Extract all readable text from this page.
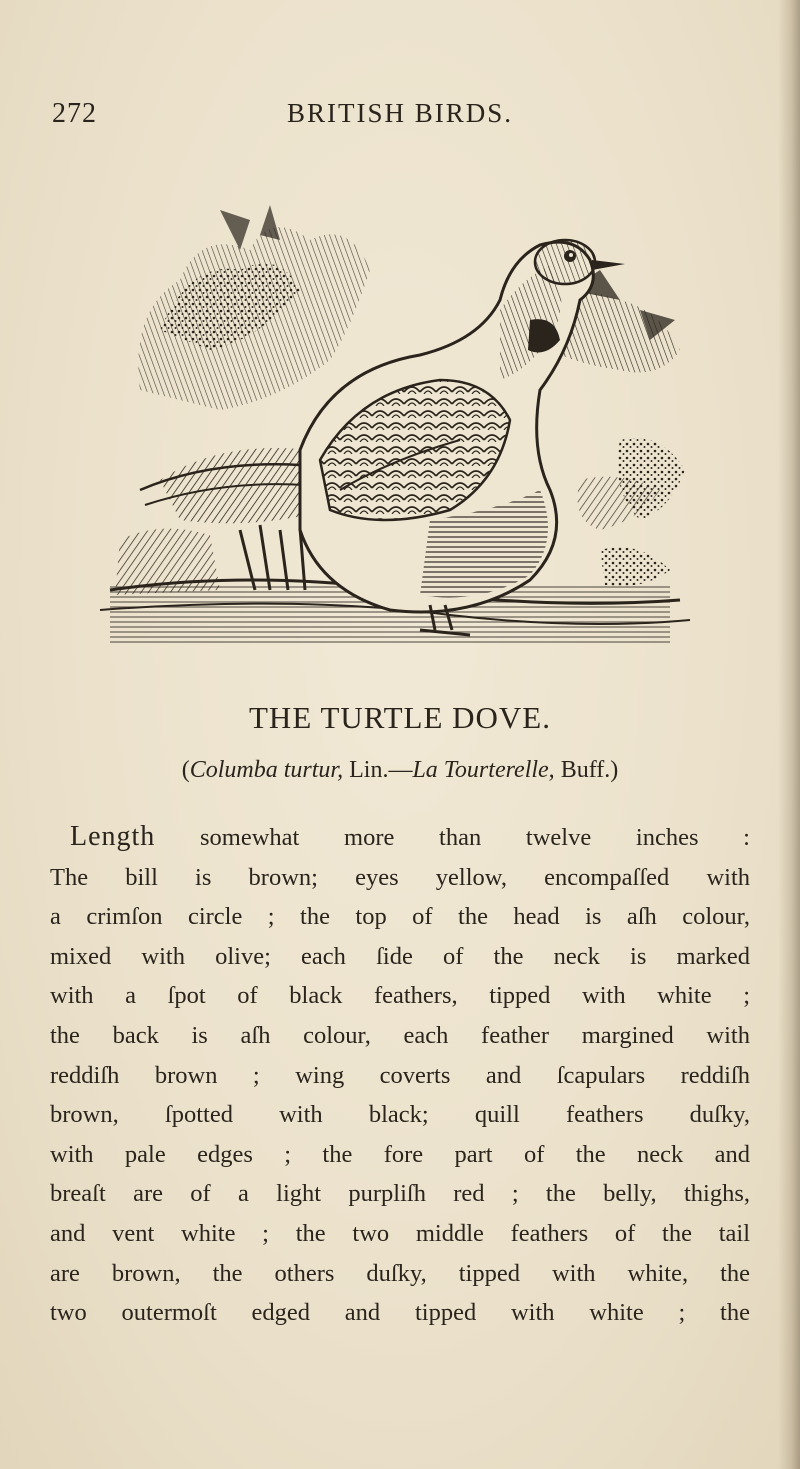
272	BRITISH BIRDS.
THE TURTLE DOVE.
(Columba turtur, Lin.—La Tourterelle, Buff.)
Length somewhat more than twelve inches :
The bill is brown; eyes yellow, encompaſſed with
a crimſon circle ; the top of the head is aſh colour,
mixed with olive; each ſide of the neck is marked
with a ſpot of black feathers, tipped with white ;
the back is aſh colour, each feather margined with
reddiſh brown ; wing coverts and ſcapulars reddiſh
brown, ſpotted with black; quill feathers duſky,
with pale edges ; the fore part of the neck and
breaſt are of a light purpliſh red ; the belly, thighs,
and vent white ; the two middle feathers of the tail
are brown, the others duſky, tipped with white, the
two outermoſt edged and tipped with white ; the
